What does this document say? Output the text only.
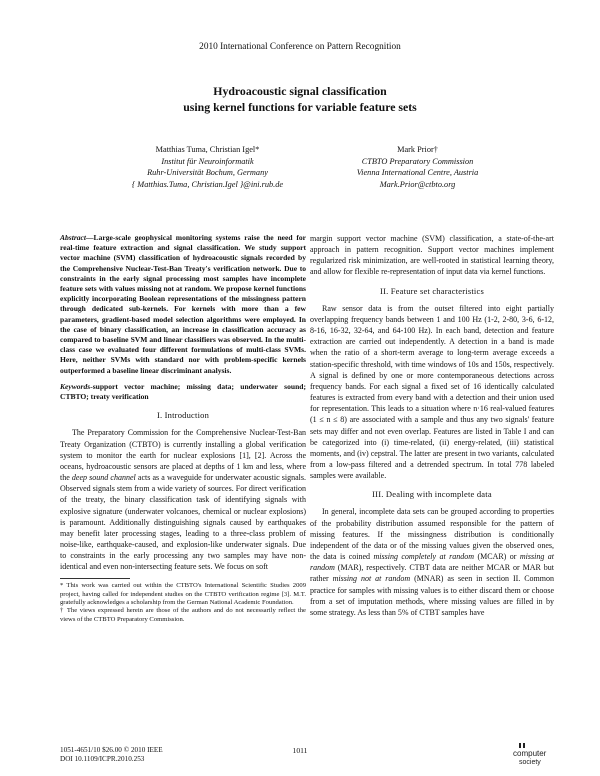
2010 International Conference on Pattern Recognition
Hydroacoustic signal classification
using kernel functions for variable feature sets
Matthias Tuma, Christian Igel*
Institut für Neuroinformatik
Ruhr-Universität Bochum, Germany
{ Matthias.Tuma, Christian.Igel }@ini.rub.de
Mark Prior†
CTBTO Preparatory Commission
Vienna International Centre, Austria
Mark.Prior@ctbto.org
Abstract—Large-scale geophysical monitoring systems raise the need for real-time feature extraction and signal classification. We study support vector machine (SVM) classification of hydroacoustic signals recorded by the Comprehensive Nuclear-Test-Ban Treaty's verification network. Due to constraints in the early signal processing most samples have incomplete feature sets with values missing not at random. We propose kernel functions explicitly incorporating Boolean representations of the missingness pattern through dedicated sub-kernels. For kernels with more than a few parameters, gradient-based model selection algorithms were employed. In the case of binary classification, an increase in classification accuracy as compared to baseline SVM and linear classifiers was observed. In the multi-class case we evaluated four different formulations of multi-class SVMs. Here, neither SVMs with standard nor with problem-specific kernels outperformed a baseline linear discriminant analysis.
Keywords-support vector machine; missing data; underwater sound; CTBTO; treaty verification
I. Introduction

The Preparatory Commission for the Comprehensive Nuclear-Test-Ban Treaty Organization (CTBTO) is currently installing a global verification system to monitor the earth for nuclear explosions [1], [2]. Across the oceans, hydroacoustic sensors are placed at depths of 1 km and less, where the deep sound channel acts as a waveguide for underwater acoustic signals. Observed signals stem from a wide variety of sources. For direct verification of the treaty, the binary classification task of identifying signals with explosive signature (underwater volcanoes, chemical or nuclear explosions) is paramount. Additionally distinguishing signals caused by earthquakes may benefit later processing stages, leading to a three-class problem of noise-like, earthquake-caused, and explosion-like underwater signals. Due to constraints in the early processing any two samples may have non-identical and even non-intersecting feature sets. We focus on soft

* This work was carried out within the CTBTO's International Scientific Studies 2009 project, having called for independent studies on the CTBTO verification regime [3]. M.T. gratefully acknowledges a scholarship from the German National Academic Foundation.
† The views expressed herein are those of the authors and do not necessarily reflect the views of the CTBTO Preparatory Commission.

margin support vector machine (SVM) classification, a state-of-the-art approach in pattern recognition. Support vector machines implement regularized risk minimization, are well-rooted in statistical learning theory, and allow for flexible re-representation of input data via kernel functions.

II. Feature set characteristics

Raw sensor data is from the outset filtered into eight partially overlapping frequency bands between 1 and 100 Hz (1-2, 2-80, 3-6, 6-12, 8-16, 16-32, 32-64, and 64-100 Hz). In each band, detection and feature extraction are carried out independently. A detection in a band is made when the ratio of a short-term average to long-term average exceeds a station-specific threshold, with time windows of 10s and 150s, respectively. A signal is defined by one or more contemporaneous detections across frequency bands. For each signal a fixed set of 16 identically calculated features is extracted from every band with a detection and their union used for representation. This leads to a situation where n·16 real-valued features (1 ≤ n ≤ 8) are associated with a sample and thus any two signals' feature sets may differ and not even overlap. Features are listed in Table I and can be categorized into (i) time-related, (ii) energy-related, (iii) statistical moments, and (iv) cepstral. The latter are present in two variants, calculated from a low-pass filtered and a detrended spectrum. In total 778 labeled samples were available.

III. Dealing with incomplete data

In general, incomplete data sets can be grouped according to properties of the probability distribution assumed responsible for the pattern of missing features. If the missingness distribution is conditionally independent of the data or of the missing values given the observed ones, the data is coined missing completely at random (MCAR) or missing at random (MAR), respectively. CTBT data are neither MCAR or MAR but rather missing not at random (MNAR) as seen in section II. Common practice for samples with missing values is to either discard them or choose from a set of imputation methods, where missing values are filled in by some strategy. As less than 5% of CTBT samples have

1051-4651/10 $26.00 © 2010 IEEE
DOI 10.1109/ICPR.2010.253
1011	computer
society
